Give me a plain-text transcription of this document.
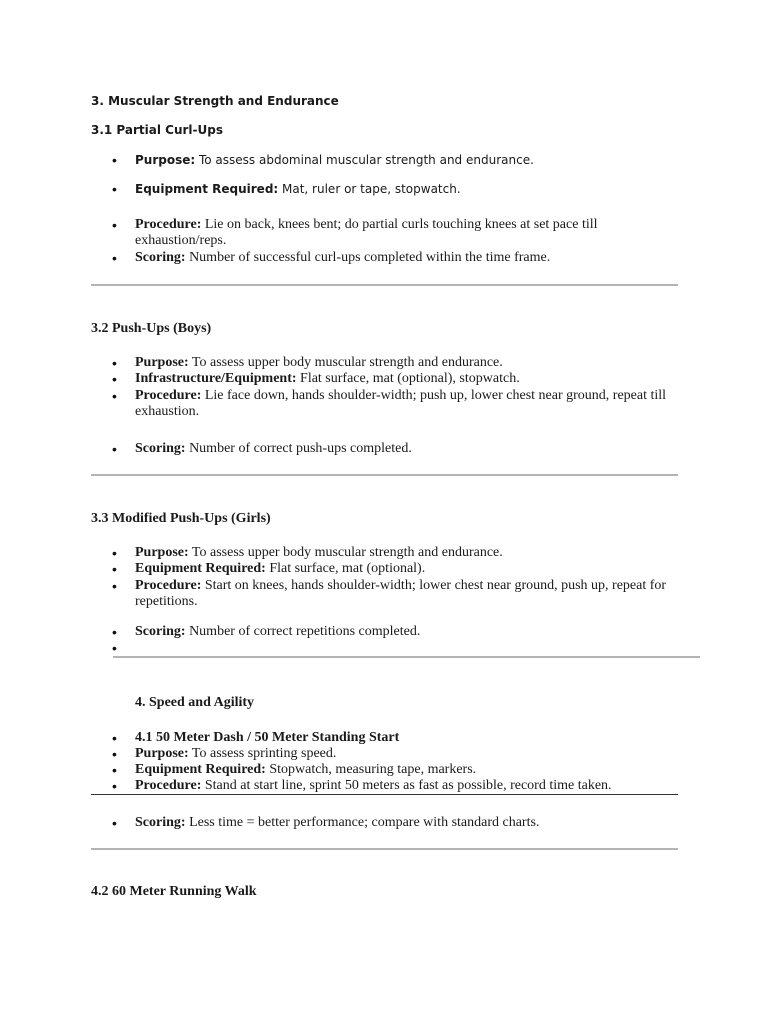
3. Muscular Strength and Endurance
3.1 Partial Curl-Ups
• Purpose: To assess abdominal muscular strength and endurance.
• Equipment Required: Mat, ruler or tape, stopwatch.
• Procedure: Lie on back, knees bent; do partial curls touching knees at set pace till exhaustion/reps.
• Scoring: Number of successful curl-ups completed within the time frame.
3.2 Push-Ups (Boys)
• Purpose: To assess upper body muscular strength and endurance.
• Infrastructure/Equipment: Flat surface, mat (optional), stopwatch.
• Procedure: Lie face down, hands shoulder-width; push up, lower chest near ground, repeat till exhaustion.
• Scoring: Number of correct push-ups completed.
3.3 Modified Push-Ups (Girls)
• Purpose: To assess upper body muscular strength and endurance.
• Equipment Required: Flat surface, mat (optional).
• Procedure: Start on knees, hands shoulder-width; lower chest near ground, push up, repeat for repetitions.
• Scoring: Number of correct repetitions completed.
4. Speed and Agility
• 4.1 50 Meter Dash / 50 Meter Standing Start
• Purpose: To assess sprinting speed.
• Equipment Required: Stopwatch, measuring tape, markers.
• Procedure: Stand at start line, sprint 50 meters as fast as possible, record time taken.
• Scoring: Less time = better performance; compare with standard charts.
4.2 60 Meter Running Walk
